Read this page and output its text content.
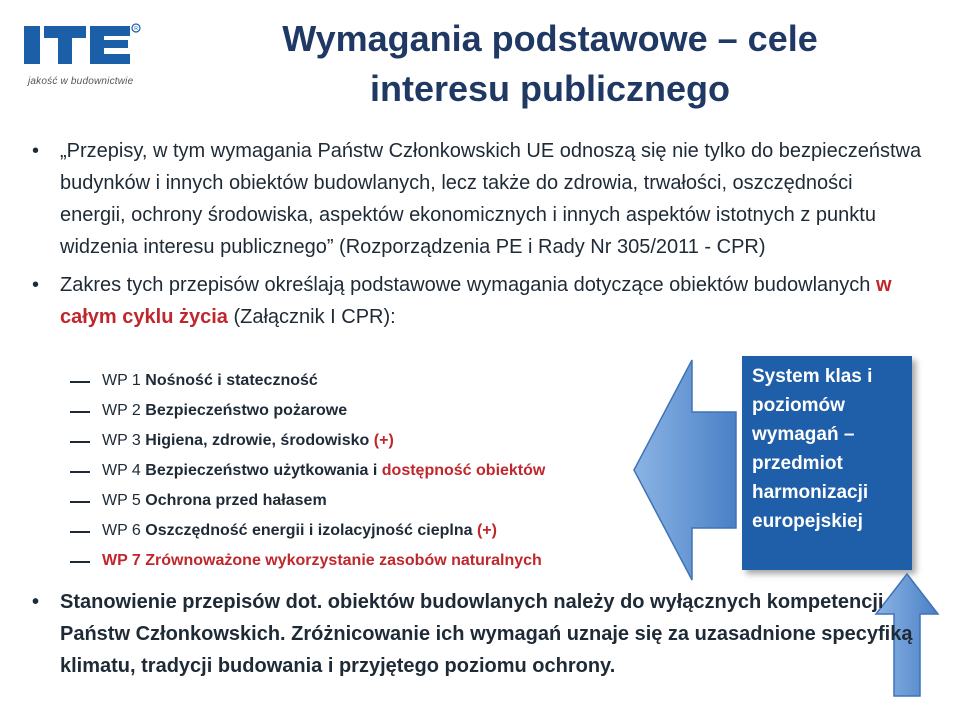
R
jakość w budownictwie
Wymagania podstawowe – cele
interesu publicznego
• „Przepisy, w tym wymagania Państw Członkowskich UE odnoszą się nie tylko do bezpieczeństwa budynków i innych obiektów budowlanych, lecz także do zdrowia, trwałości, oszczędności energii, ochrony środowiska, aspektów ekonomicznych i innych aspektów istotnych z punktu widzenia interesu publicznego” (Rozporządzenia PE i Rady Nr 305/2011 - CPR)
• Zakres tych przepisów określają podstawowe wymagania dotyczące obiektów budowlanych w całym cyklu życia (Załącznik I CPR):
WP 1 Nośność i stateczność
WP 2 Bezpieczeństwo pożarowe
WP 3 Higiena, zdrowie, środowisko (+)
WP 4 Bezpieczeństwo użytkowania i dostępność obiektów
WP 5 Ochrona przed hałasem
WP 6 Oszczędność energii i izolacyjność cieplna (+)
WP 7 Zrównoważone wykorzystanie zasobów naturalnych
System klas i
poziomów
wymagań –
przedmiot
harmonizacji
europejskiej
• Stanowienie przepisów dot. obiektów budowlanych należy do wyłącznych kompetencji Państw Członkowskich. Zróżnicowanie ich wymagań uznaje się za uzasadnione specyfiką klimatu, tradycji budowania i przyjętego poziomu ochrony.
